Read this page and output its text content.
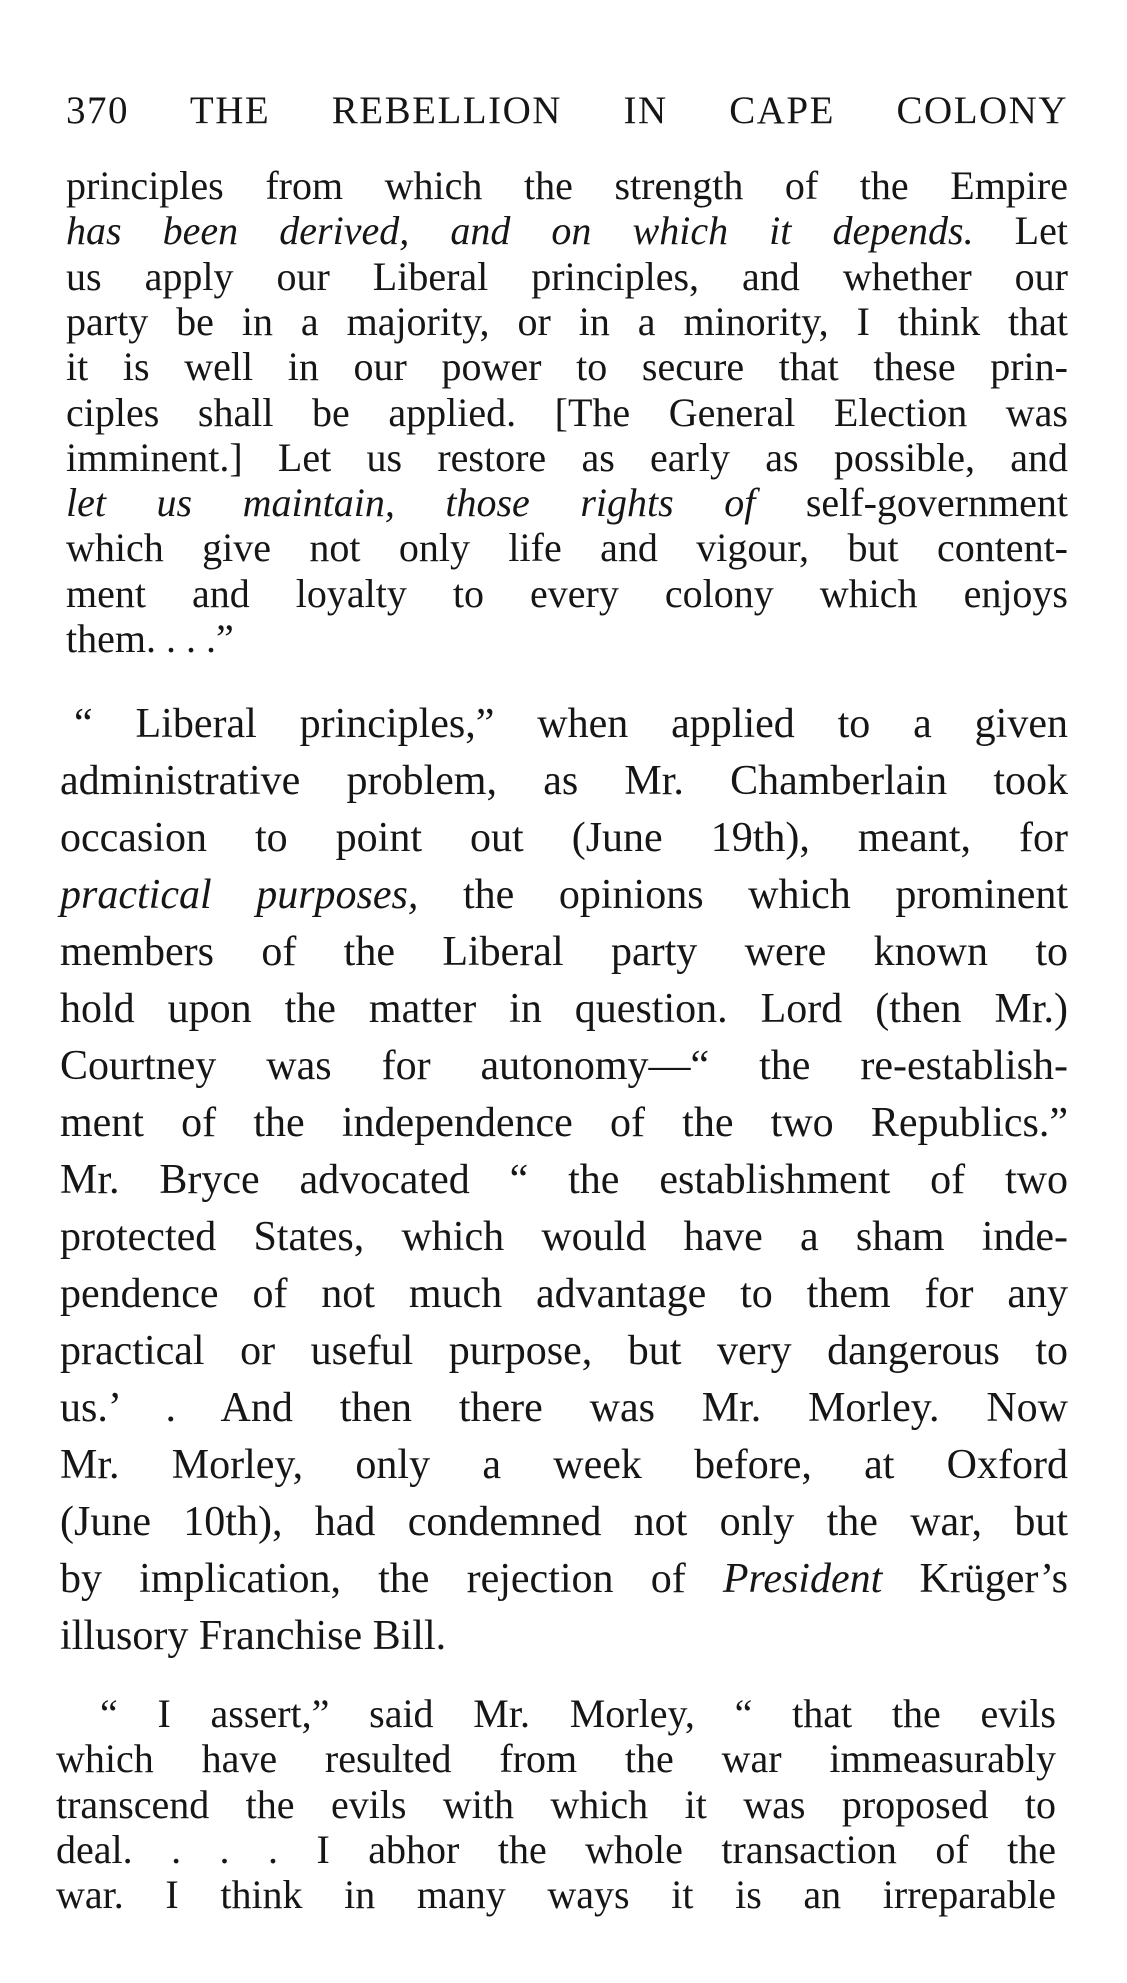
370 THE REBELLION IN CAPE COLONY
principles from which the strength of the Empire
has been derived, and on which it depends. Let
us apply our Liberal principles, and whether our
party be in a majority, or in a minority, I think that
it is well in our power to secure that these prin-
ciples shall be applied. [The General Election was
imminent.] Let us restore as early as possible, and
let us maintain, those rights of self-government
which give not only life and vigour, but content-
ment and loyalty to every colony which enjoys
them. . . .”
“ Liberal principles,” when applied to a given
administrative problem, as Mr. Chamberlain took
occasion to point out (June 19th), meant, for
practical purposes, the opinions which prominent
members of the Liberal party were known to
hold upon the matter in question. Lord (then Mr.)
Courtney was for autonomy—“ the re-establish-
ment of the independence of the two Republics.”
Mr. Bryce advocated “ the establishment of two
protected States, which would have a sham inde-
pendence of not much advantage to them for any
practical or useful purpose, but very dangerous to
us.’ . And then there was Mr. Morley. Now
Mr. Morley, only a week before, at Oxford
(June 10th), had condemned not only the war, but
by implication, the rejection of President Krüger’s
illusory Franchise Bill.
“ I assert,” said Mr. Morley, “ that the evils
which have resulted from the war immeasurably
transcend the evils with which it was proposed to
deal. . . . I abhor the whole transaction of the
war. I think in many ways it is an irreparable
